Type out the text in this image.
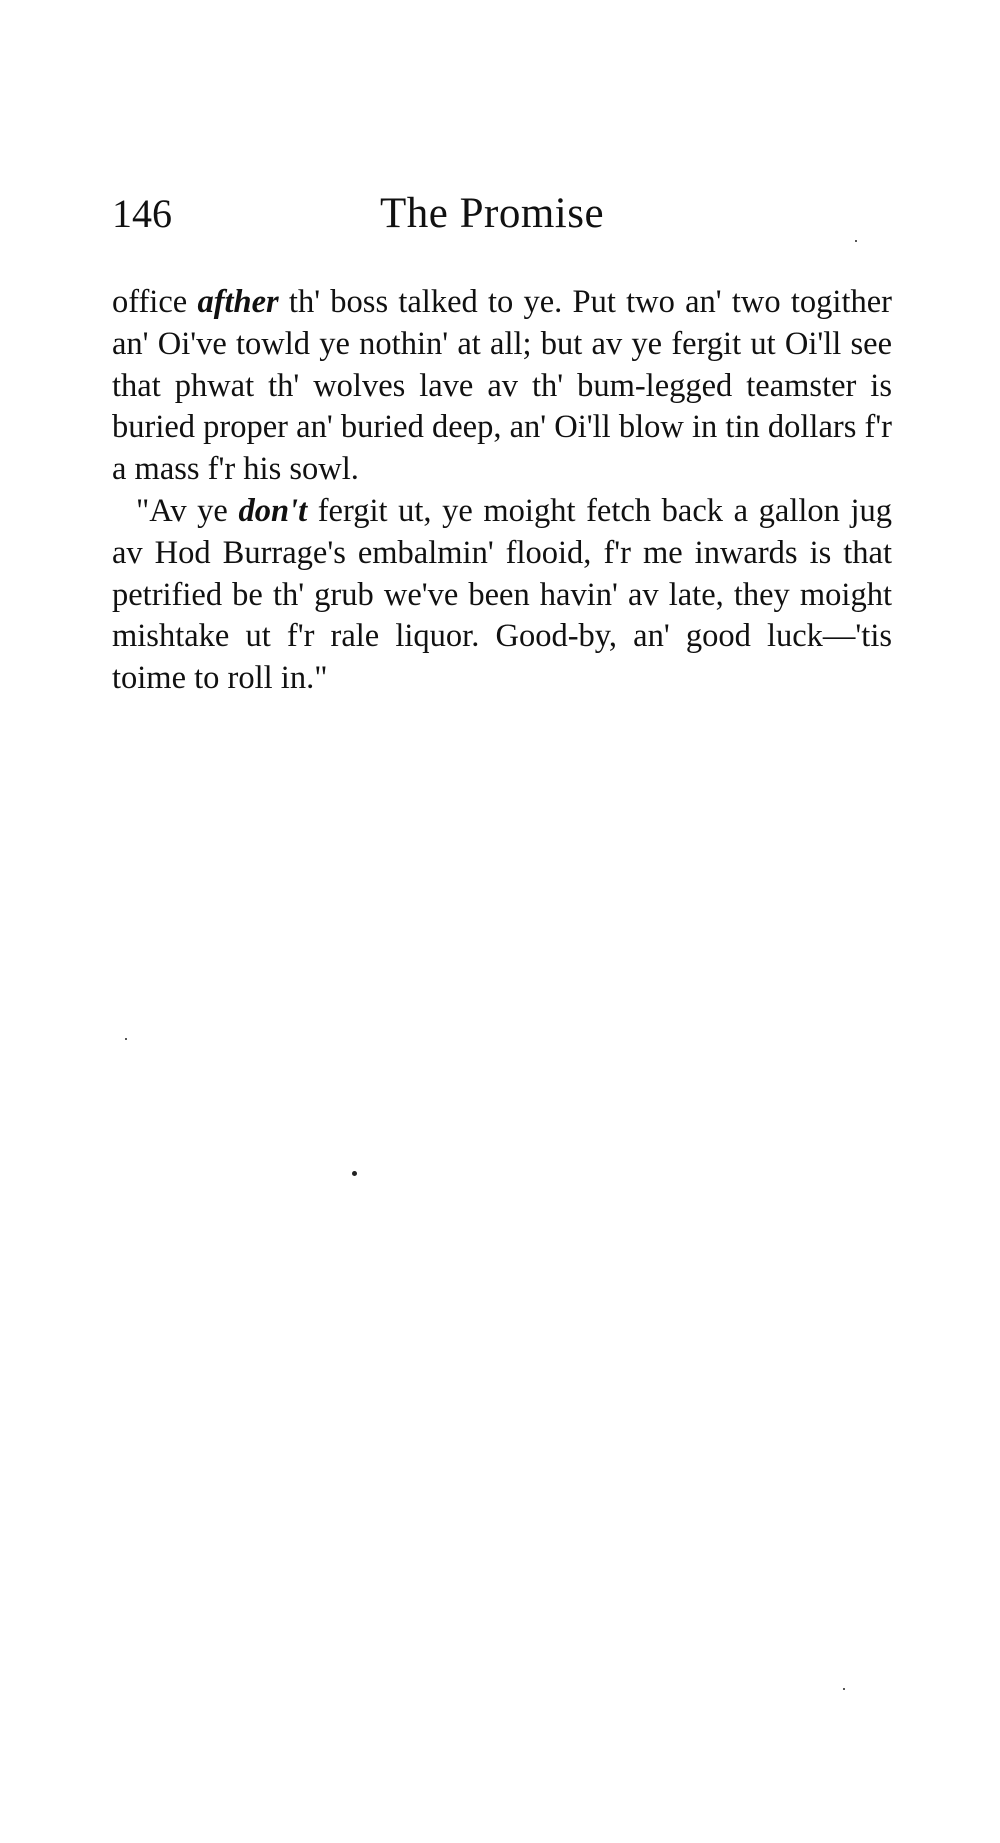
146	The Promise

office afther th' boss talked to ye. Put two an' two togither an' Oi've towld ye nothin' at all; but av ye fergit ut Oi'll see that phwat th' wolves lave av th' bum-legged teamster is buried proper an' buried deep, an' Oi'll blow in tin dollars f'r a mass f'r his sowl.

"Av ye don't fergit ut, ye moight fetch back a gallon jug av Hod Burrage's embalmin' flooid, f'r me inwards is that petrified be th' grub we've been havin' av late, they moight mishtake ut f'r rale liquor. Good-by, an' good luck—'tis toime to roll in."
